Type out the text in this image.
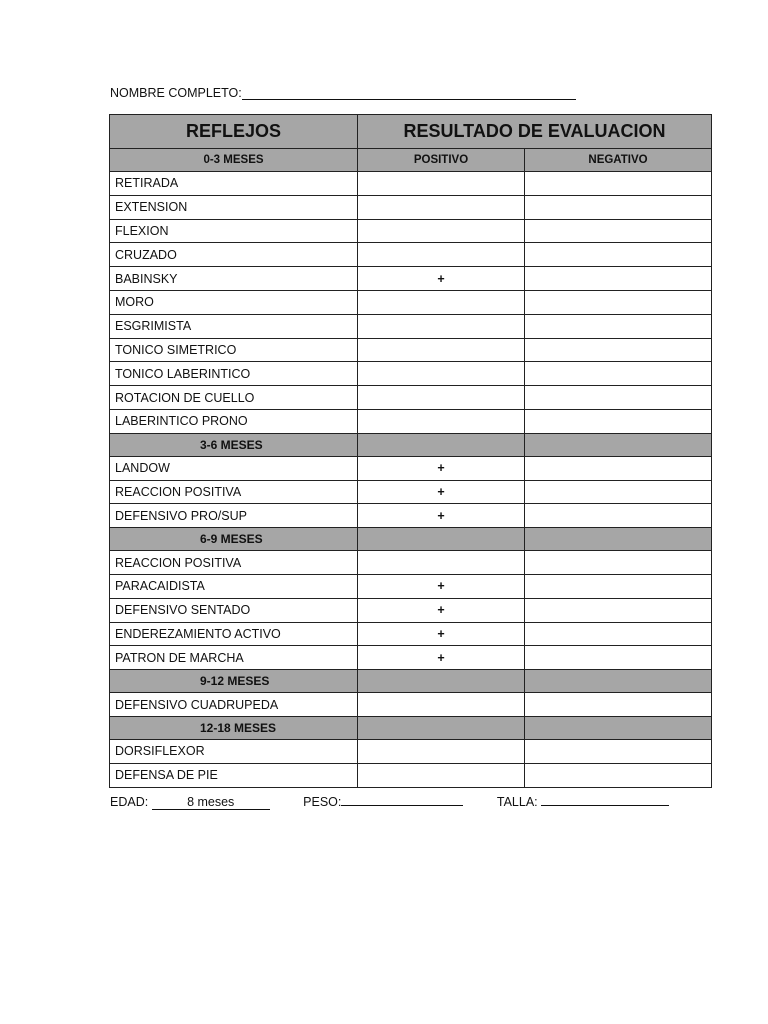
NOMBRE COMPLETO:
REFLEJOS	RESULTADO DE EVALUACION	
0-3 MESES	POSITIVO	NEGATIVO
RETIRADA		
EXTENSION		
FLEXION		
CRUZADO		
BABINSKY	+	
MORO		
ESGRIMISTA		
TONICO SIMETRICO		
TONICO LABERINTICO		
ROTACION DE CUELLO		
LABERINTICO PRONO		
3-6 MESES		
LANDOW	+	
REACCION POSITIVA	+	
DEFENSIVO PRO/SUP	+	
6-9 MESES		
REACCION POSITIVA		
PARACAIDISTA	+	
DEFENSIVO SENTADO	+	
ENDEREZAMIENTO ACTIVO	+	
PATRON DE MARCHA	+	
9-12 MESES		
DEFENSIVO CUADRUPEDA		
12-18 MESES		
DORSIFLEXOR		
DEFENSA DE PIE		
EDAD:	8 meses	PESO:	TALLA:
